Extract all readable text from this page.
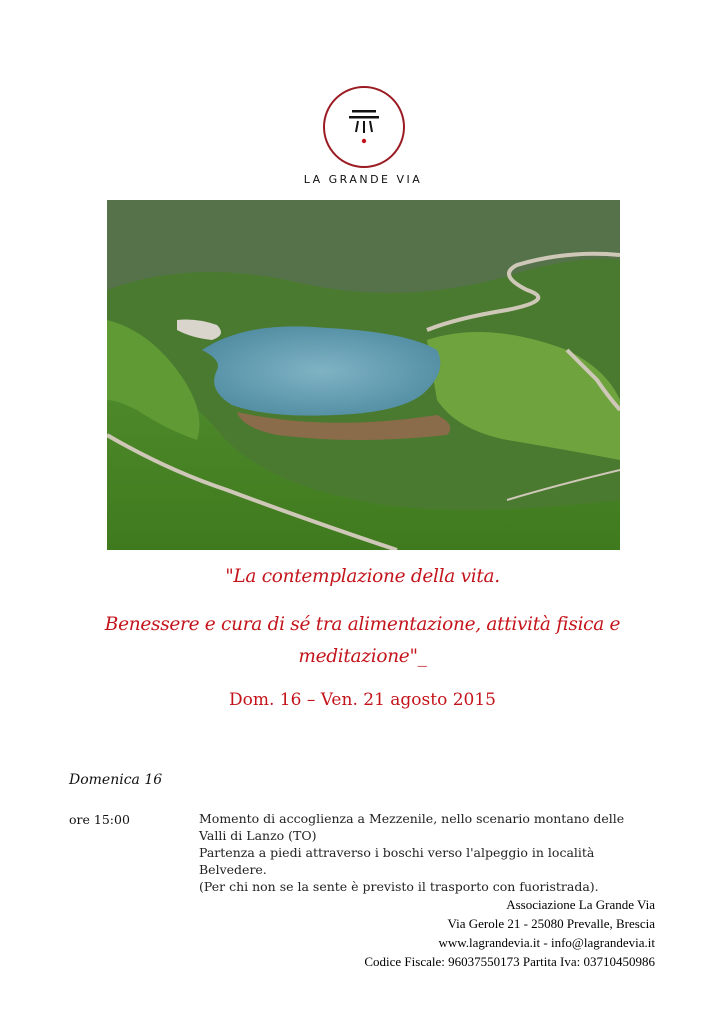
LA GRANDE VIA
"La contemplazione della vita.
Benessere e cura di sé tra alimentazione, attività fisica e
meditazione"_
Dom. 16 – Ven. 21 agosto 2015
Domenica 16
ore 15:00	Momento di accoglienza a Mezzenile, nello scenario montano delle Valli di Lanzo (TO)

Partenza a piedi attraverso i boschi verso l'alpeggio in località Belvedere.

(Per chi non se la sente è previsto il trasporto con fuoristrada).

Associazione La Grande Via
Via Gerole 21 - 25080 Prevalle, Brescia
www.lagrandevia.it - info@lagrandevia.it
Codice Fiscale: 96037550173 Partita Iva: 03710450986
